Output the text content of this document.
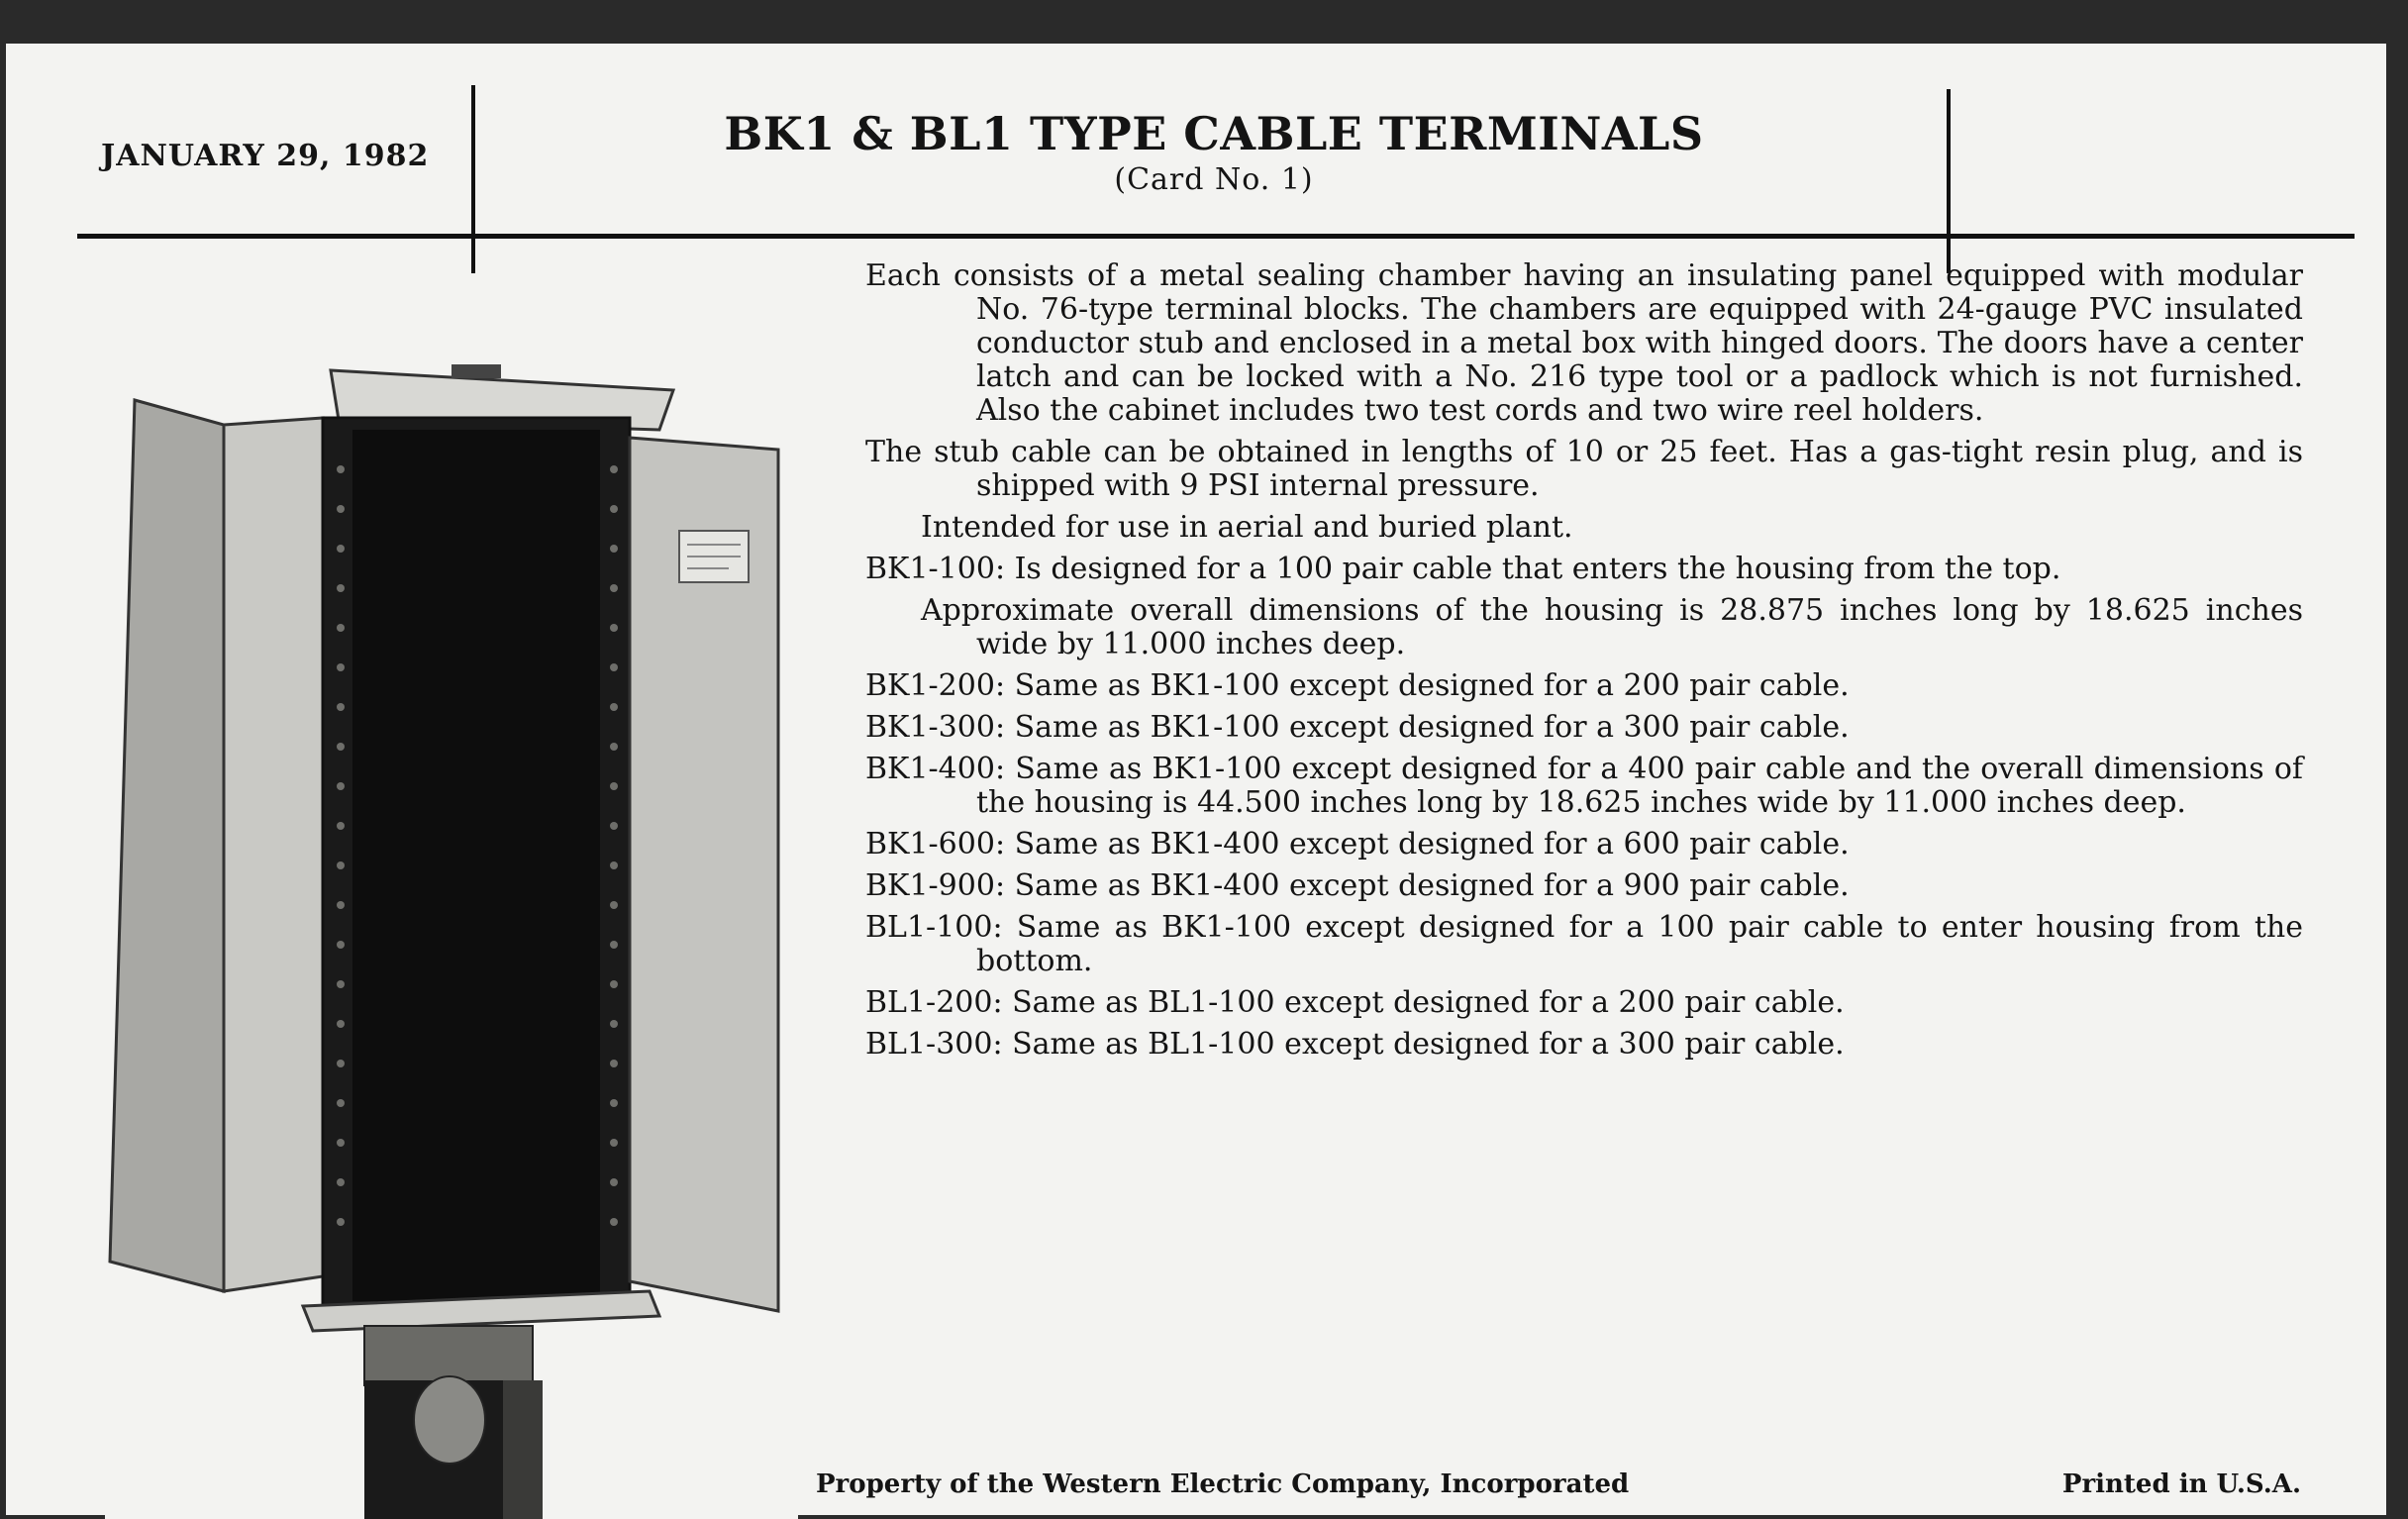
JANUARY 29, 1982	BK1 & BL1 TYPE CABLE TERMINALS
(Card No. 1)

Each consists of a metal sealing chamber having an insulating panel equipped with modular No. 76-type terminal blocks. The chambers are equipped with 24-gauge PVC insulated conductor stub and enclosed in a metal box with hinged doors. The doors have a center latch and can be locked with a No. 216 type tool or a padlock which is not furnished. Also the cabinet includes two test cords and two wire reel holders.

The stub cable can be obtained in lengths of 10 or 25 feet. Has a gas-tight resin plug, and is shipped with 9 PSI internal pressure.

Intended for use in aerial and buried plant.

BK1-100: Is designed for a 100 pair cable that enters the housing from the top.

Approximate overall dimensions of the housing is 28.875 inches long by 18.625 inches wide by 11.000 inches deep.

BK1-200: Same as BK1-100 except designed for a 200 pair cable.

BK1-300: Same as BK1-100 except designed for a 300 pair cable.

BK1-400: Same as BK1-100 except designed for a 400 pair cable and the overall dimensions of the housing is 44.500 inches long by 18.625 inches wide by 11.000 inches deep.

BK1-600: Same as BK1-400 except designed for a 600 pair cable.

BK1-900: Same as BK1-400 except designed for a 900 pair cable.

BL1-100: Same as BK1-100 except designed for a 100 pair cable to enter housing from the bottom.

BL1-200: Same as BL1-100 except designed for a 200 pair cable.

BL1-300: Same as BL1-100 except designed for a 300 pair cable.

Property of the Western Electric Company, Incorporated	Printed in U.S.A.
